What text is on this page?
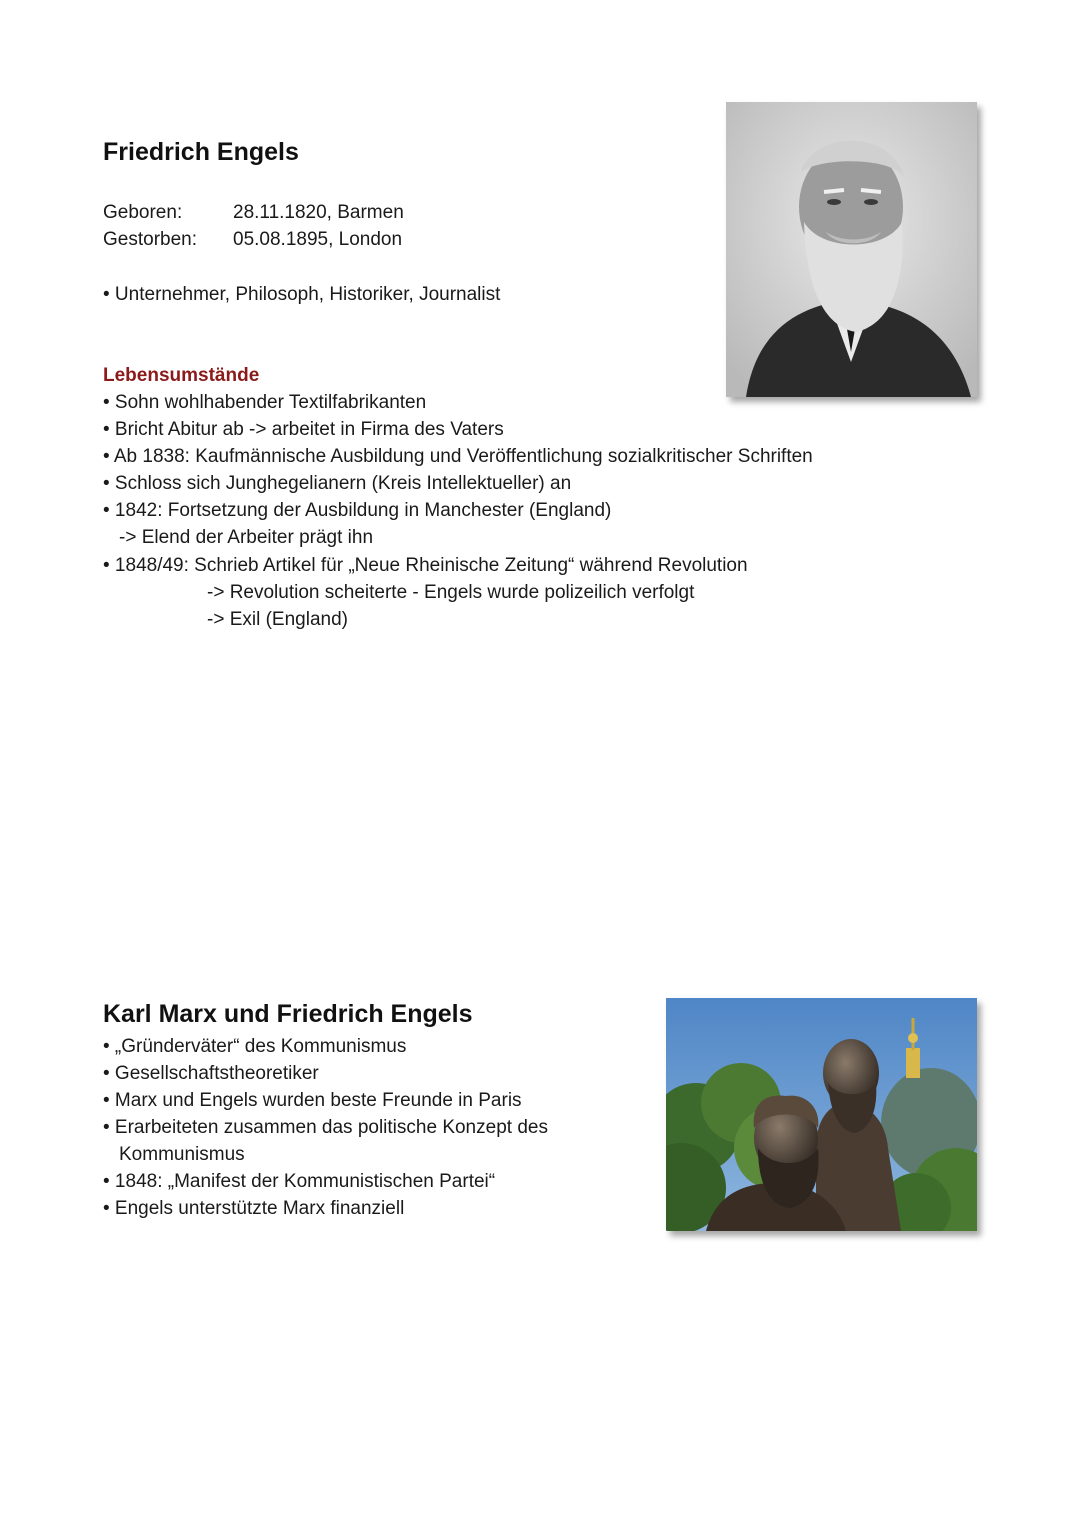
Friedrich Engels
Geboren:	28.11.1820, Barmen
Gestorben: 05.08.1895, London
• Unternehmer, Philosoph, Historiker, Journalist
Lebensumstände
• Sohn wohlhabender Textilfabrikanten
• Bricht Abitur ab -> arbeitet in Firma des Vaters
• Ab 1838: Kaufmännische Ausbildung und Veröffentlichung sozialkritischer Schriften
• Schloss sich Junghegelianern (Kreis Intellektueller) an
• 1842: Fortsetzung der Ausbildung in Manchester (England)
-> Elend der Arbeiter prägt ihn
• 1848/49: Schrieb Artikel für „Neue Rheinische Zeitung“ während Revolution
-> Revolution scheiterte - Engels wurde polizeilich verfolgt
-> Exil (England)
Karl Marx und Friedrich Engels
• „Gründerväter“ des Kommunismus
• Gesellschaftstheoretiker
• Marx und Engels wurden beste Freunde in Paris
• Erarbeiteten zusammen das politische Konzept des
Kommunismus
• 1848: „Manifest der Kommunistischen Partei“
• Engels unterstützte Marx finanziell
